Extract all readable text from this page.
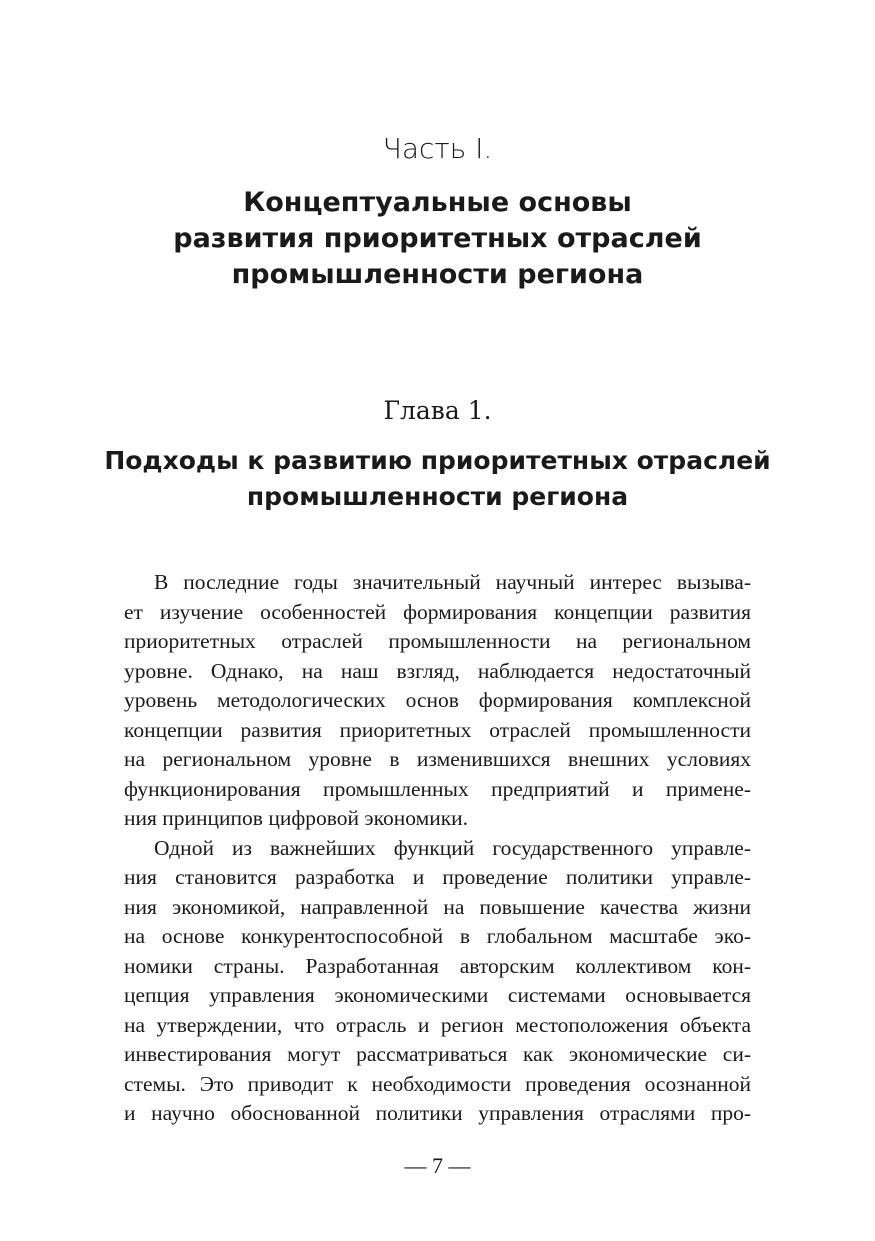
Часть I.
Концептуальные основы
развития приоритетных отраслей
промышленности региона
Глава 1.
Подходы к развитию приоритетных отраслей
промышленности региона
В последние годы значительный научный интерес вызыва-
ет изучение особенностей формирования концепции развития
приоритетных отраслей промышленности на региональном
уровне. Однако, на наш взгляд, наблюдается недостаточный
уровень методологических основ формирования комплексной
концепции развития приоритетных отраслей промышленности
на региональном уровне в изменившихся внешних условиях
функционирования промышленных предприятий и примене-
ния принципов цифровой экономики.
Одной из важнейших функций государственного управле-
ния становится разработка и проведение политики управле-
ния экономикой, направленной на повышение качества жизни
на основе конкурентоспособной в глобальном масштабе эко-
номики страны. Разработанная авторским коллективом кон-
цепция управления экономическими системами основывается
на утверждении, что отрасль и регион местоположения объекта
инвестирования могут рассматриваться как экономические си-
стемы. Это приводит к необходимости проведения осознанной
и научно обоснованной политики управления отраслями про-
— 7 —
